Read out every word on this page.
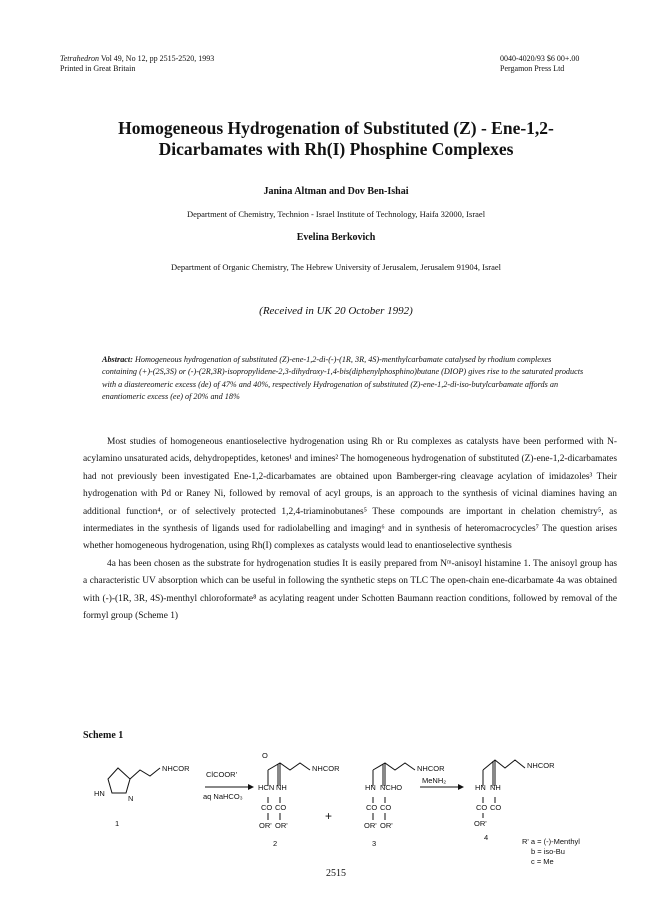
Tetrahedron Vol 49, No 12, pp 2515-2520, 1993
Printed in Great Britain
0040-4020/93 $6 00+.00
Pergamon Press Ltd
Homogeneous Hydrogenation of Substituted (Z) - Ene-1,2-
Dicarbamates with Rh(I) Phosphine Complexes
Janina Altman and Dov Ben-Ishai
Department of Chemistry, Technion - Israel Institute of Technology, Haifa 32000, Israel
Evelina Berkovich
Department of Organic Chemistry, The Hebrew University of Jerusalem, Jerusalem 91904, Israel
(Received in UK 20 October 1992)
Abstract: Homogeneous hydrogenation of substituted (Z)-ene-1,2-di-(-)-(1R, 3R, 4S)-menthylcarbamate catalysed by rhodium complexes containing (+)-(2S,3S) or (-)-(2R,3R)-isopropylidene-2,3-dihydroxy-1,4-bis(diphenylphosphino)butane (DIOP) gives rise to the saturated products with a diastereomeric excess (de) of 47% and 40%, respectively Hydrogenation of substituted (Z)-ene-1,2-di-iso-butylcarbamate affords an enantiomeric excess (ee) of 20% and 18%

Most studies of homogeneous enantioselective hydrogenation using Rh or Ru complexes as catalysts have been performed with N-acylamino unsaturated acids, dehydropeptides, ketones¹ and imines² The homogeneous hydrogenation of substituted (Z)-ene-1,2-dicarbamates had not previously been investigated Ene-1,2-dicarbamates are obtained upon Bamberger-ring cleavage acylation of imidazoles³ Their hydrogenation with Pd or Raney Ni, followed by removal of acyl groups, is an approach to the synthesis of vicinal diamines having an additional function⁴, or of selectively protected 1,2,4-triaminobutanes⁵ These compounds are important in chelation chemistry⁵, as intermediates in the synthesis of ligands used for radiolabelling and imaging⁶ and in synthesis of heteromacrocycles⁷ The question arises whether homogeneous hydrogenation, using Rh(I) complexes as catalysts would lead to enantioselective synthesis

4a has been chosen as the substrate for hydrogenation studies It is easily prepared from Nᵐ-anisoyl histamine 1. The anisoyl group has a characteristic UV absorption which can be useful in following the synthetic steps on TLC The open-chain ene-dicarbamate 4a was obtained with (-)-(1R, 3R, 4S)-menthyl chloroformate⁸ as acylating reagent under Schotten Baumann reaction conditions, followed by removal of the formyl group (Scheme 1)

Scheme 1
NHCOR
HN
N
1
ClCOOR'
aq NaHCO₃
O
NHCOR
HCN NH
CO CO
OR' OR'
2
+
NHCOR
HN NCHO
CO CO
OR' OR'
3
MeNH₂
NHCOR
HN NH
CO CO
OR'
4	R' a = (-)-Menthyl
b = iso-Bu
c = Me
2515
